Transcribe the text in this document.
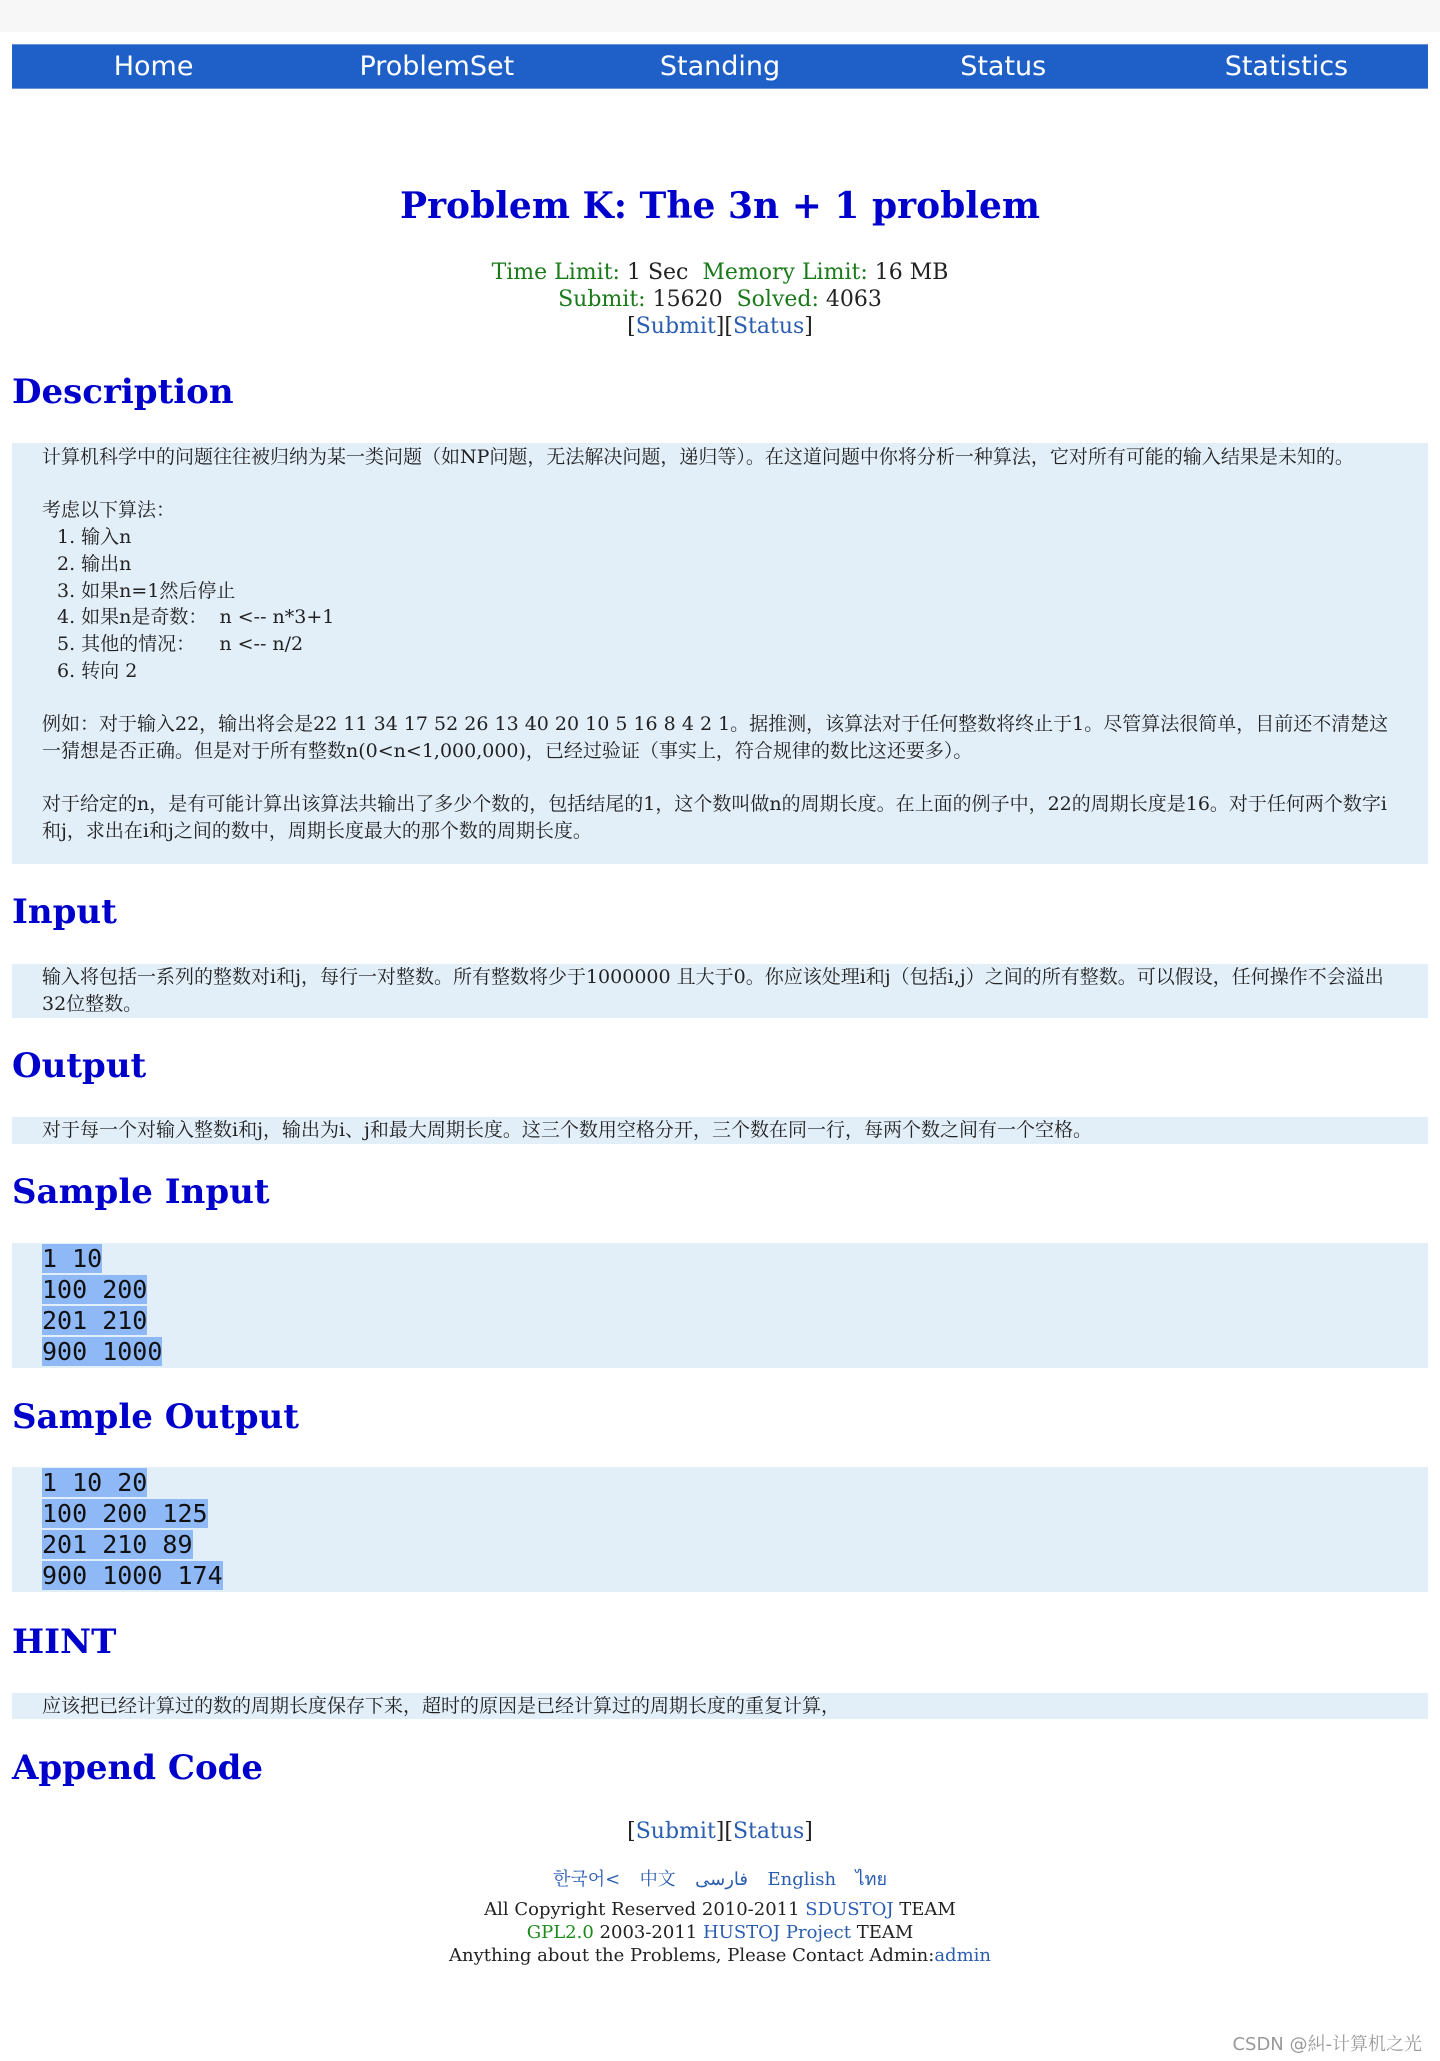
Home	ProblemSet	Standing	Status	Statistics
Problem K: The 3n + 1 problem
Time Limit: 1 Sec Memory Limit: 16 MB
Submit: 15620 Solved: 4063
[Submit][Status]
Description

计算机科学中的问题往往被归纳为某一类问题（如NP问题，无法解决问题，递归等）。在这道问题中你将分析一种算法，它对所有可能的输入结果是未知的。

考虑以下算法：

1. 输入n

2. 输出n

3. 如果n=1然后停止

4. 如果n是奇数：  n <-- n*3+1

5. 其他的情况：    n <-- n/2

6. 转向 2

例如：对于输入22，输出将会是22 11 34 17 52 26 13 40 20 10 5 16 8 4 2 1。据推测，该算法对于任何整数将终止于1。尽管算法很简单，目前还不清楚这一猜想是否正确。但是对于所有整数n(0<n<1,000,000)，已经过验证（事实上，符合规律的数比这还要多）。

对于给定的n，是有可能计算出该算法共输出了多少个数的，包括结尾的1，这个数叫做n的周期长度。在上面的例子中，22的周期长度是16。对于任何两个数字i和j，求出在i和j之间的数中，周期长度最大的那个数的周期长度。

Input

输入将包括一系列的整数对i和j，每行一对整数。所有整数将少于1000000 且大于0。你应该处理i和j（包括i,j）之间的所有整数。可以假设，任何操作不会溢出32位整数。

Output

对于每一个对输入整数i和j，输出为i、j和最大周期长度。这三个数用空格分开，三个数在同一行，每两个数之间有一个空格。

Sample Input
1 10
100 200
201 210
900 1000
Sample Output
1 10 20
100 200 125
201 210 89
900 1000 174
HINT

应该把已经计算过的数的周期长度保存下来，超时的原因是已经计算过的周期长度的重复计算，

Append Code
[Submit][Status]
한국어< 中文 فارسی English ไทย
All Copyright Reserved 2010-2011 SDUSTOJ TEAM
GPL2.0 2003-2011 HUSTOJ Project TEAM
Anything about the Problems, Please Contact Admin:admin
CSDN @糾-计算机之光
